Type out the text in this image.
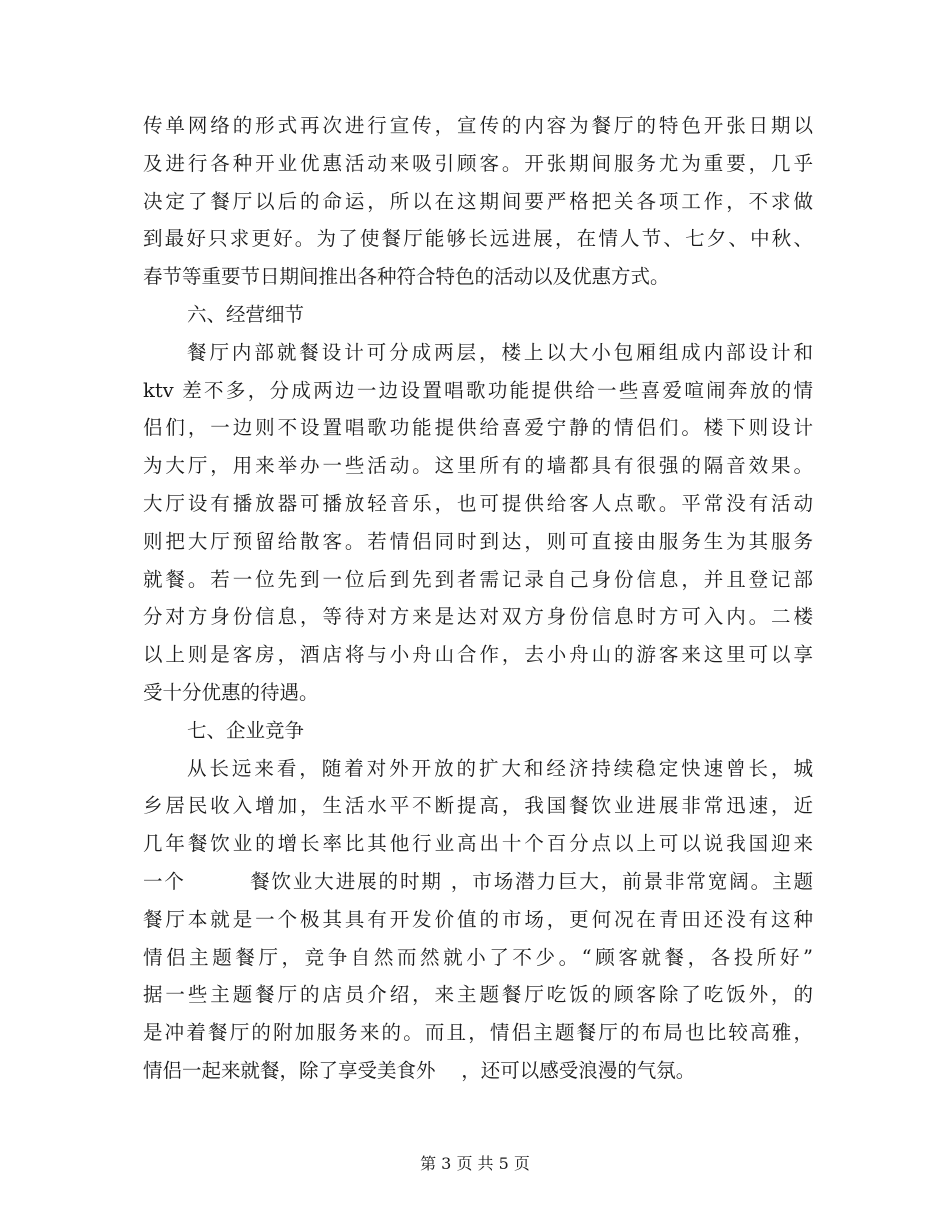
传单网络的形式再次进行宣传，宣传的内容为餐厅的特色开张日期以
及进行各种开业优惠活动来吸引顾客。开张期间服务尤为重要，几乎
决定了餐厅以后的命运，所以在这期间要严格把关各项工作，不求做
到最好只求更好。为了使餐厅能够长远进展，在情人节、七夕、中秋、
春节等重要节日期间推出各种符合特色的活动以及优惠方式。
六、经营细节
餐厅内部就餐设计可分成两层，楼上以大小包厢组成内部设计和
ktv 差不多，分成两边一边设置唱歌功能提供给一些喜爱喧闹奔放的情
侣们，一边则不设置唱歌功能提供给喜爱宁静的情侣们。楼下则设计
为大厅，用来举办一些活动。这里所有的墙都具有很强的隔音效果。
大厅设有播放器可播放轻音乐，也可提供给客人点歌。平常没有活动
则把大厅预留给散客。若情侣同时到达，则可直接由服务生为其服务
就餐。若一位先到一位后到先到者需记录自己身份信息，并且登记部
分对方身份信息，等待对方来是达对双方身份信息时方可入内。二楼
以上则是客房，酒店将与小舟山合作，去小舟山的游客来这里可以享
受十分优惠的待遇。
七、企业竞争
从长远来看，随着对外开放的扩大和经济持续稳定快速曾长，城
乡居民收入增加，生活水平不断提高，我国餐饮业进展非常迅速，近
几年餐饮业的增长率比其他行业高出十个百分点以上可以说我国迎来
一个　　　餐饮业大进展的时期 ，市场潜力巨大，前景非常宽阔。主题
餐厅本就是一个极其具有开发价值的市场，更何况在青田还没有这种
情侣主题餐厅，竞争自然而然就小了不少。“顾客就餐，各投所好”
据一些主题餐厅的店员介绍，来主题餐厅吃饭的顾客除了吃饭外，的
是冲着餐厅的附加服务来的。而且，情侣主题餐厅的布局也比较高雅，
情侣一起来就餐，除了享受美食外　 ，还可以感受浪漫的气氛。
第 3 页 共 5 页
